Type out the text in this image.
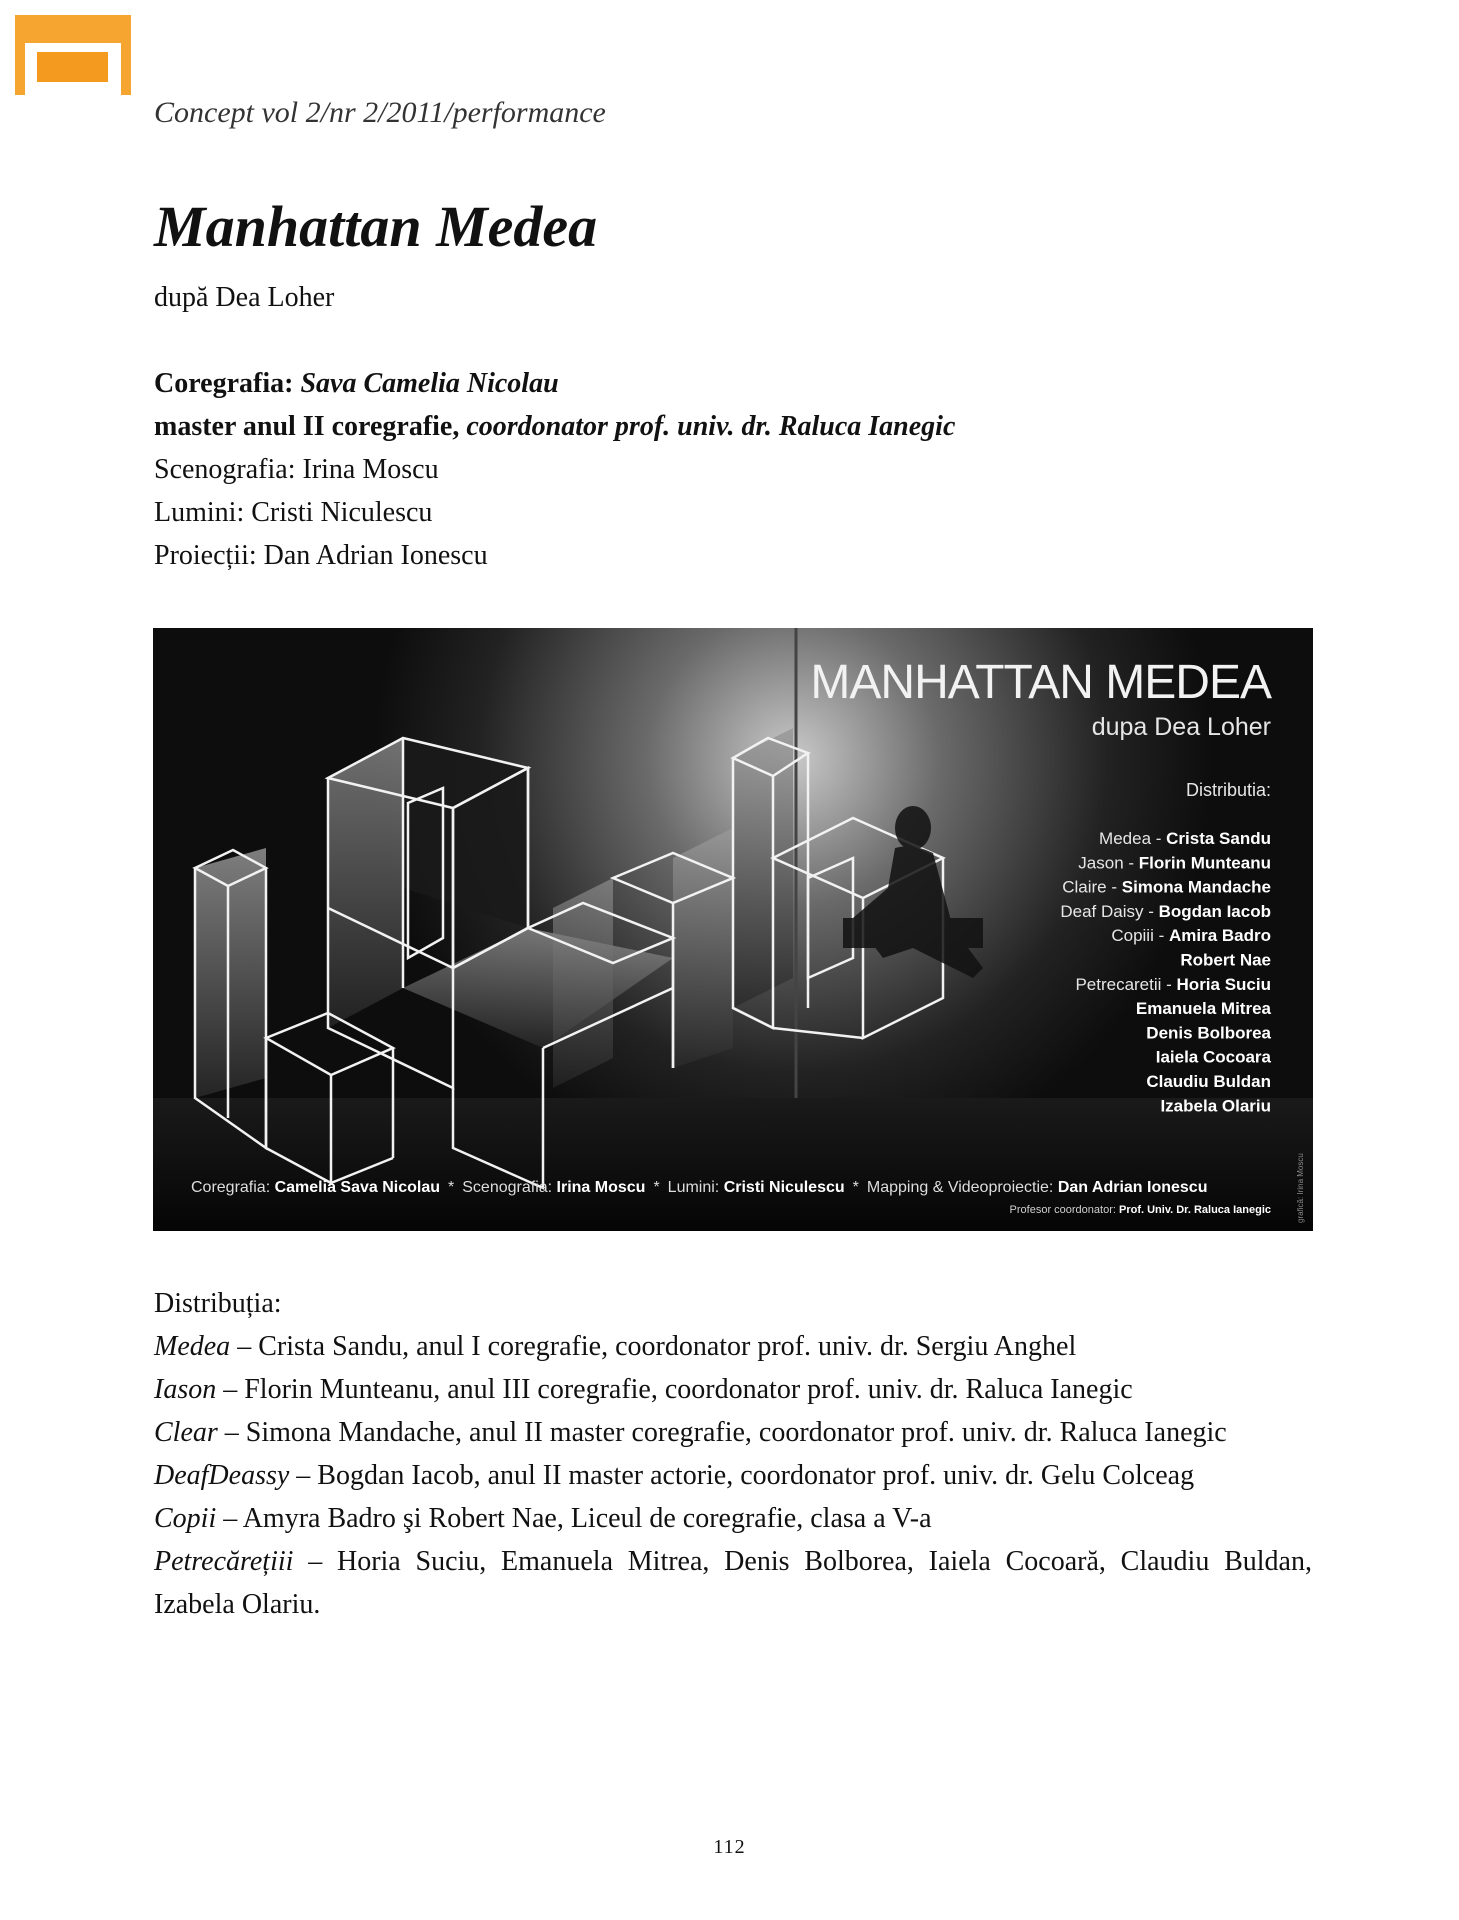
Concept vol 2/nr 2/2011/performance
Manhattan Medea
după Dea Loher
Coregrafia: Sava Camelia Nicolau
master anul II coregrafie, coordonator prof. univ. dr. Raluca Ianegic
Scenografia: Irina Moscu
Lumini: Cristi Niculescu
Proiecții: Dan Adrian Ionescu
MANHATTAN MEDEA
dupa Dea Loher
Distributia:
Medea - Crista Sandu
Jason - Florin Munteanu
Claire - Simona Mandache
Deaf Daisy - Bogdan Iacob
Copiii - Amira Badro
Robert Nae
Petrecaretii - Horia Suciu
Emanuela Mitrea
Denis Bolborea
Iaiela Cocoara
Claudiu Buldan
Izabela Olariu
grafică: Irina Moscu
Coregrafia: Camelia Sava Nicolau * Scenografia: Irina Moscu * Lumini: Cristi Niculescu * Mapping & Videoproiectie: Dan Adrian Ionescu
Profesor coordonator: Prof. Univ. Dr. Raluca Ianegic
Distribuția:
Medea – Crista Sandu, anul I coregrafie, coordonator prof. univ. dr. Sergiu Anghel
Iason – Florin Munteanu, anul III coregrafie, coordonator prof. univ. dr. Raluca Ianegic
Clear – Simona Mandache, anul II master coregrafie, coordonator prof. univ. dr. Raluca Ianegic
DeafDeassy – Bogdan Iacob, anul II master actorie, coordonator prof. univ. dr. Gelu Colceag
Copii – Amyra Badro şi Robert Nae, Liceul de coregrafie, clasa a V-a
Petrecărețiii – Horia Suciu, Emanuela Mitrea, Denis Bolborea, Iaiela Cocoară, Claudiu Buldan, Izabela Olariu.
112
